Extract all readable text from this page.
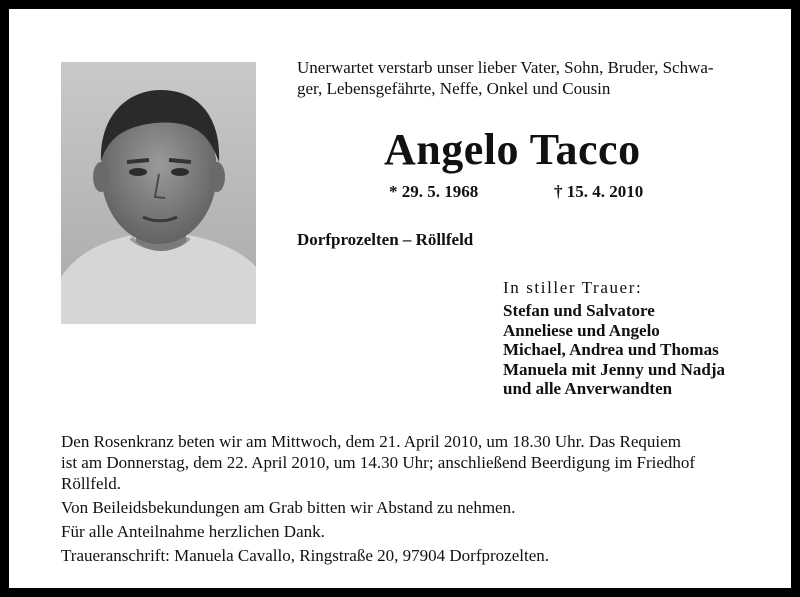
Unerwartet verstarb unser lieber Vater, Sohn, Bruder, Schwa-
ger, Lebensgefährte, Neffe, Onkel und Cousin
Angelo Tacco
* 29. 5. 1968	† 15. 4. 2010
Dorfprozelten – Röllfeld
In stiller Trauer:
Stefan und Salvatore
Anneliese und Angelo
Michael, Andrea und Thomas
Manuela mit Jenny und Nadja
und alle Anverwandten

Den Rosenkranz beten wir am Mittwoch, dem 21. April 2010, um 18.30 Uhr. Das Requiem
ist am Donnerstag, dem 22. April 2010, um 14.30 Uhr; anschließend Beerdigung im Friedhof
Röllfeld.

Von Beileidsbekundungen am Grab bitten wir Abstand zu nehmen.

Für alle Anteilnahme herzlichen Dank.

Traueranschrift: Manuela Cavallo, Ringstraße 20, 97904 Dorfprozelten.
